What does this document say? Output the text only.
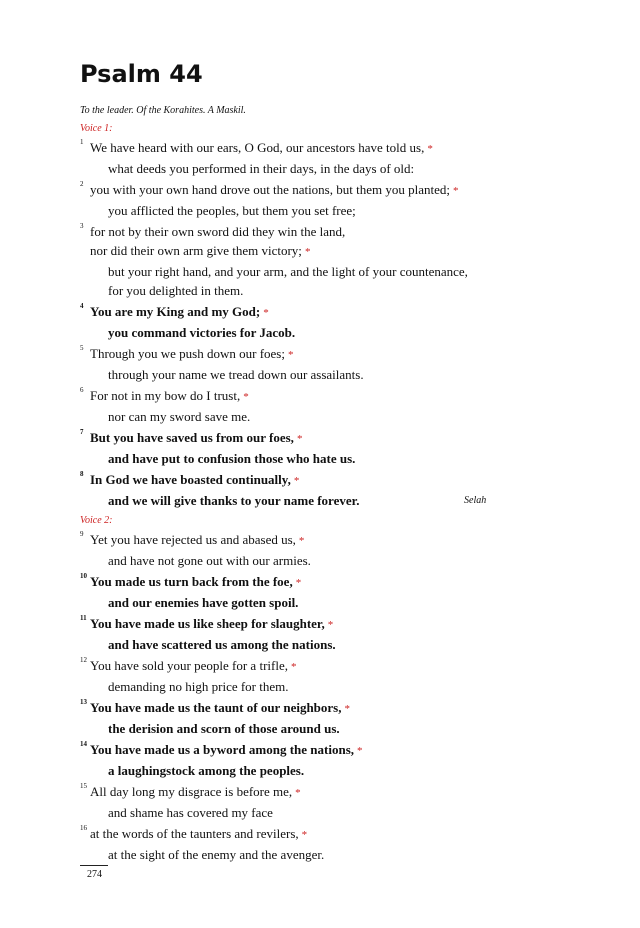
Psalm 44
To the leader. Of the Korahites. A Maskil.
Voice 1:
1 We have heard with our ears, O God, our ancestors have told us, *
what deeds you performed in their days, in the days of old:
2 you with your own hand drove out the nations, but them you planted; *
you afflicted the peoples, but them you set free;
3 for not by their own sword did they win the land,
nor did their own arm give them victory; *
but your right hand, and your arm, and the light of your countenance,
for you delighted in them.
4 You are my King and my God; *
you command victories for Jacob.
5 Through you we push down our foes; *
through your name we tread down our assailants.
6 For not in my bow do I trust, *
nor can my sword save me.
7 But you have saved us from our foes, *
and have put to confusion those who hate us.
8 In God we have boasted continually, *
and we will give thanks to your name forever.	Selah
Voice 2:
9 Yet you have rejected us and abased us, *
and have not gone out with our armies.
10 You made us turn back from the foe, *
and our enemies have gotten spoil.
11 You have made us like sheep for slaughter, *
and have scattered us among the nations.
12 You have sold your people for a trifle, *
demanding no high price for them.
13 You have made us the taunt of our neighbors, *
the derision and scorn of those around us.
14 You have made us a byword among the nations, *
a laughingstock among the peoples.
15 All day long my disgrace is before me, *
and shame has covered my face
16 at the words of the taunters and revilers, *
at the sight of the enemy and the avenger.
274
